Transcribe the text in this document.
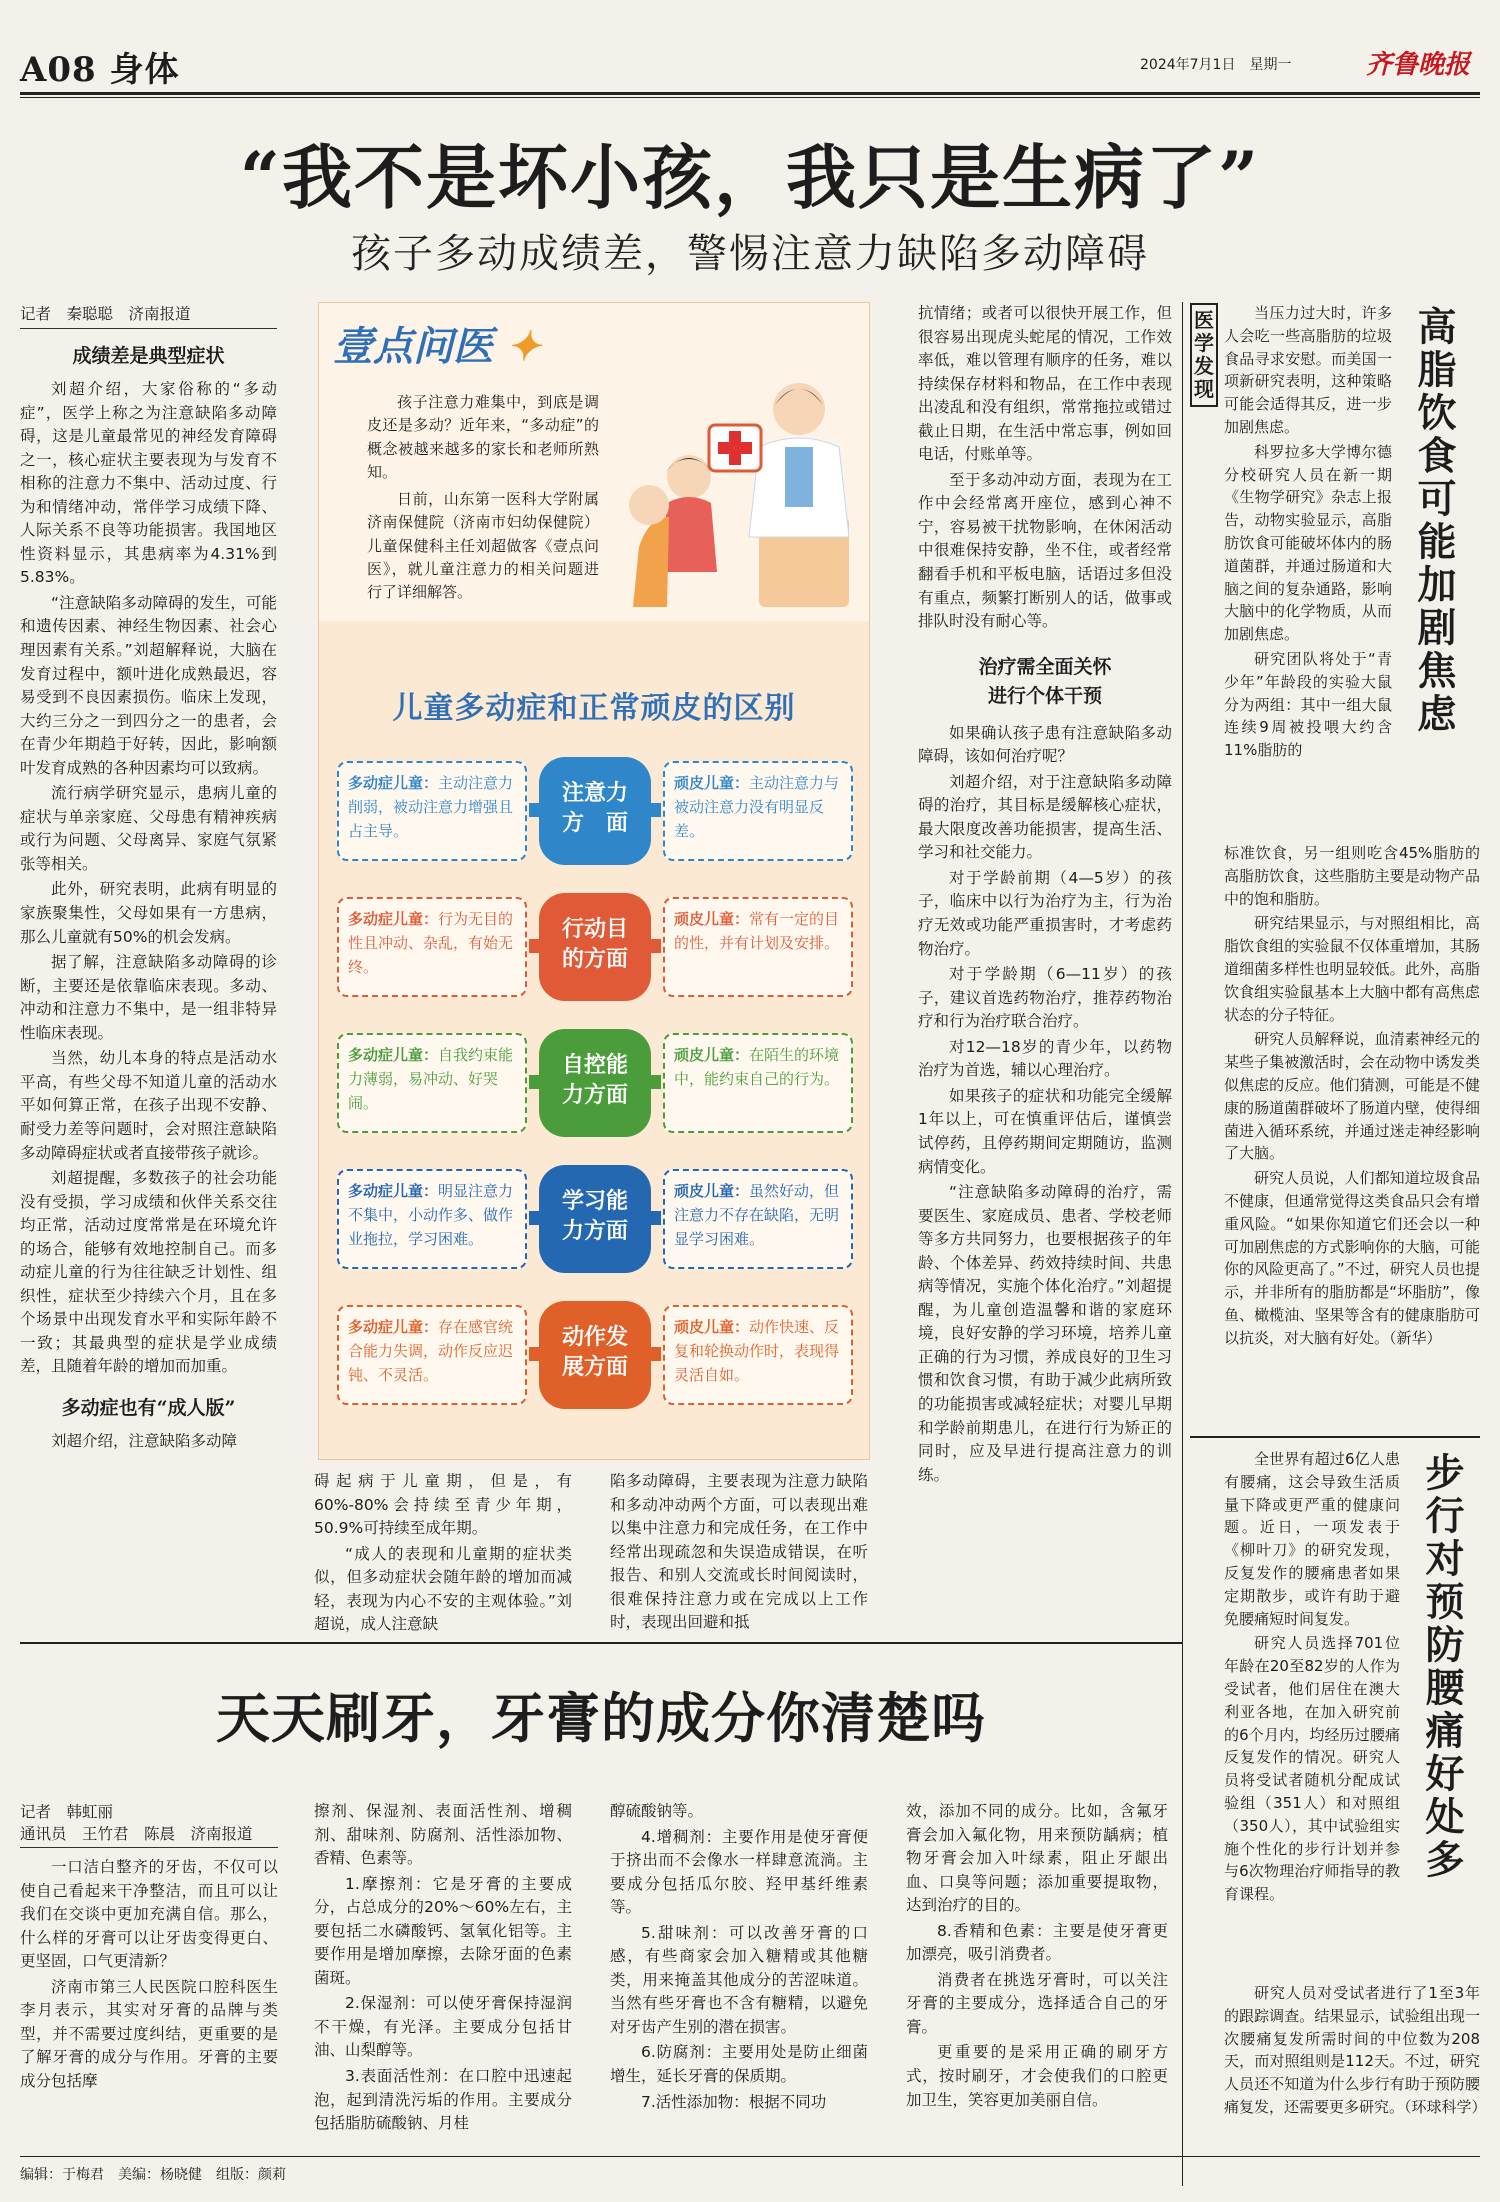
A08 身体	2024年7月1日　星期一	齐鲁晚报
“我不是坏小孩，我只是生病了”
孩子多动成绩差，警惕注意力缺陷多动障碍
记者　秦聪聪　济南报道
成绩差是典型症状

刘超介绍，大家俗称的“多动症”，医学上称之为注意缺陷多动障碍，这是儿童最常见的神经发育障碍之一，核心症状主要表现为与发育不相称的注意力不集中、活动过度、行为和情绪冲动，常伴学习成绩下降、人际关系不良等功能损害。我国地区性资料显示，其患病率为4.31%到5.83%。

“注意缺陷多动障碍的发生，可能和遗传因素、神经生物因素、社会心理因素有关系。”刘超解释说，大脑在发育过程中，额叶进化成熟最迟，容易受到不良因素损伤。临床上发现，大约三分之一到四分之一的患者，会在青少年期趋于好转，因此，影响额叶发育成熟的各种因素均可以致病。

流行病学研究显示，患病儿童的症状与单亲家庭、父母患有精神疾病或行为问题、父母离异、家庭气氛紧张等相关。

此外，研究表明，此病有明显的家族聚集性，父母如果有一方患病，那么儿童就有50%的机会发病。

据了解，注意缺陷多动障碍的诊断，主要还是依靠临床表现。多动、冲动和注意力不集中，是一组非特异性临床表现。

当然，幼儿本身的特点是活动水平高，有些父母不知道儿童的活动水平如何算正常，在孩子出现不安静、耐受力差等问题时，会对照注意缺陷多动障碍症状或者直接带孩子就诊。

刘超提醒，多数孩子的社会功能没有受损，学习成绩和伙伴关系交往均正常，活动过度常常是在环境允许的场合，能够有效地控制自己。而多动症儿童的行为往往缺乏计划性、组织性，症状至少持续六个月，且在多个场景中出现发育水平和实际年龄不一致；其最典型的症状是学业成绩差，且随着年龄的增加而加重。

多动症也有“成人版”

刘超介绍，注意缺陷多动障

壹点问医 ✦

孩子注意力难集中，到底是调皮还是多动？近年来，“多动症”的概念被越来越多的家长和老师所熟知。

日前，山东第一医科大学附属济南保健院（济南市妇幼保健院）儿童保健科主任刘超做客《壹点问医》，就儿童注意力的相关问题进行了详细解答。

儿童多动症和正常顽皮的区别
多动症儿童：主动注意力削弱，被动注意力增强且占主导。
注意力
方　面
顽皮儿童：主动注意力与被动注意力没有明显反差。
多动症儿童：行为无目的性且冲动、杂乱，有始无终。
行动目
的方面
顽皮儿童：常有一定的目的性，并有计划及安排。
多动症儿童：自我约束能力薄弱，易冲动、好哭闹。
自控能
力方面
顽皮儿童：在陌生的环境中，能约束自己的行为。
多动症儿童：明显注意力不集中，小动作多、做作业拖拉，学习困难。
学习能
力方面
顽皮儿童：虽然好动，但注意力不存在缺陷，无明显学习困难。
多动症儿童：存在感官统合能力失调，动作反应迟钝、不灵活。
动作发
展方面
顽皮儿童：动作快速、反复和轮换动作时，表现得灵活自如。

碍起病于儿童期，但是，有60%-80%会持续至青少年期，50.9%可持续至成年期。

“成人的表现和儿童期的症状类似，但多动症状会随年龄的增加而减轻，表现为内心不安的主观体验。”刘超说，成人注意缺

陷多动障碍，主要表现为注意力缺陷和多动冲动两个方面，可以表现出难以集中注意力和完成任务，在工作中经常出现疏忽和失误造成错误，在听报告、和别人交流或长时间阅读时，很难保持注意力或在完成以上工作时，表现出回避和抵

抗情绪；或者可以很快开展工作，但很容易出现虎头蛇尾的情况，工作效率低，难以管理有顺序的任务，难以持续保存材料和物品，在工作中表现出凌乱和没有组织，常常拖拉或错过截止日期，在生活中常忘事，例如回电话，付账单等。

至于多动冲动方面，表现为在工作中会经常离开座位，感到心神不宁，容易被干扰物影响，在休闲活动中很难保持安静，坐不住，或者经常翻看手机和平板电脑，话语过多但没有重点，频繁打断别人的话，做事或排队时没有耐心等。

治疗需全面关怀
进行个体干预

如果确认孩子患有注意缺陷多动障碍，该如何治疗呢？

刘超介绍，对于注意缺陷多动障碍的治疗，其目标是缓解核心症状，最大限度改善功能损害，提高生活、学习和社交能力。

对于学龄前期（4—5岁）的孩子，临床中以行为治疗为主，行为治疗无效或功能严重损害时，才考虑药物治疗。

对于学龄期（6—11岁）的孩子，建议首选药物治疗，推荐药物治疗和行为治疗联合治疗。

对12—18岁的青少年，以药物治疗为首选，辅以心理治疗。

如果孩子的症状和功能完全缓解1年以上，可在慎重评估后，谨慎尝试停药，且停药期间定期随访，监测病情变化。

“注意缺陷多动障碍的治疗，需要医生、家庭成员、患者、学校老师等多方共同努力，也要根据孩子的年龄、个体差异、药效持续时间、共患病等情况，实施个体化治疗。”刘超提醒，为儿童创造温馨和谐的家庭环境，良好安静的学习环境，培养儿童正确的行为习惯，养成良好的卫生习惯和饮食习惯，有助于减少此病所致的功能损害或减轻症状；对婴儿早期和学龄前期患儿，在进行行为矫正的同时，应及早进行提高注意力的训练。

医学发现

当压力过大时，许多人会吃一些高脂肪的垃圾食品寻求安慰。而美国一项新研究表明，这种策略可能会适得其反，进一步加剧焦虑。

科罗拉多大学博尔德分校研究人员在新一期《生物学研究》杂志上报告，动物实验显示，高脂肪饮食可能破坏体内的肠道菌群，并通过肠道和大脑之间的复杂通路，影响大脑中的化学物质，从而加剧焦虑。

研究团队将处于“青少年”年龄段的实验大鼠分为两组：其中一组大鼠连续9周被投喂大约含11%脂肪的

高脂饮食可能加剧焦虑

标准饮食，另一组则吃含45%脂肪的高脂肪饮食，这些脂肪主要是动物产品中的饱和脂肪。

研究结果显示，与对照组相比，高脂饮食组的实验鼠不仅体重增加，其肠道细菌多样性也明显较低。此外，高脂饮食组实验鼠基本上大脑中都有高焦虑状态的分子特征。

研究人员解释说，血清素神经元的某些子集被激活时，会在动物中诱发类似焦虑的反应。他们猜测，可能是不健康的肠道菌群破坏了肠道内壁，使得细菌进入循环系统，并通过迷走神经影响了大脑。

研究人员说，人们都知道垃圾食品不健康，但通常觉得这类食品只会有增重风险。“如果你知道它们还会以一种可加剧焦虑的方式影响你的大脑，可能你的风险更高了。”不过，研究人员也提示，并非所有的脂肪都是“坏脂肪”，像鱼、橄榄油、坚果等含有的健康脂肪可以抗炎，对大脑有好处。（新华）

全世界有超过6亿人患有腰痛，这会导致生活质量下降或更严重的健康问题。近日，一项发表于《柳叶刀》的研究发现，反复发作的腰痛患者如果定期散步，或许有助于避免腰痛短时间复发。

研究人员选择701位年龄在20至82岁的人作为受试者，他们居住在澳大利亚各地，在加入研究前的6个月内，均经历过腰痛反复发作的情况。研究人员将受试者随机分配成试验组（351人）和对照组（350人），其中试验组实施个性化的步行计划并参与6次物理治疗师指导的教育课程。

步行对预防腰痛好处多

研究人员对受试者进行了1至3年的跟踪调查。结果显示，试验组出现一次腰痛复发所需时间的中位数为208天，而对照组则是112天。不过，研究人员还不知道为什么步行有助于预防腰痛复发，还需要更多研究。（环球科学）

天天刷牙，牙膏的成分你清楚吗
记者　韩虹丽
通讯员　王竹君　陈晨　济南报道

一口洁白整齐的牙齿，不仅可以使自己看起来干净整洁，而且可以让我们在交谈中更加充满自信。那么，什么样的牙膏可以让牙齿变得更白、更坚固，口气更清新？

济南市第三人民医院口腔科医生李月表示，其实对牙膏的品牌与类型，并不需要过度纠结，更重要的是了解牙膏的成分与作用。牙膏的主要成分包括摩

擦剂、保湿剂、表面活性剂、增稠剂、甜味剂、防腐剂、活性添加物、香精、色素等。

1.摩擦剂：它是牙膏的主要成分，占总成分的20%～60%左右，主要包括二水磷酸钙、氢氧化铝等。主要作用是增加摩擦，去除牙面的色素菌斑。

2.保湿剂：可以使牙膏保持湿润不干燥，有光泽。主要成分包括甘油、山梨醇等。

3.表面活性剂：在口腔中迅速起泡，起到清洗污垢的作用。主要成分包括脂肪硫酸钠、月桂

醇硫酸钠等。

4.增稠剂：主要作用是使牙膏便于挤出而不会像水一样肆意流淌。主要成分包括瓜尔胶、羟甲基纤维素等。

5.甜味剂：可以改善牙膏的口感，有些商家会加入糖精或其他糖类，用来掩盖其他成分的苦涩味道。当然有些牙膏也不含有糖精，以避免对牙齿产生别的潜在损害。

6.防腐剂：主要用处是防止细菌增生，延长牙膏的保质期。

7.活性添加物：根据不同功

效，添加不同的成分。比如，含氟牙膏会加入氟化物，用来预防龋病；植物牙膏会加入叶绿素，阻止牙龈出血、口臭等问题；添加重要提取物，达到治疗的目的。

8.香精和色素：主要是使牙膏更加漂亮，吸引消费者。

消费者在挑选牙膏时，可以关注牙膏的主要成分，选择适合自己的牙膏。

更重要的是采用正确的刷牙方式，按时刷牙，才会使我们的口腔更加卫生，笑容更加美丽自信。

编辑：于梅君　美编：杨晓健　组版：颜莉
